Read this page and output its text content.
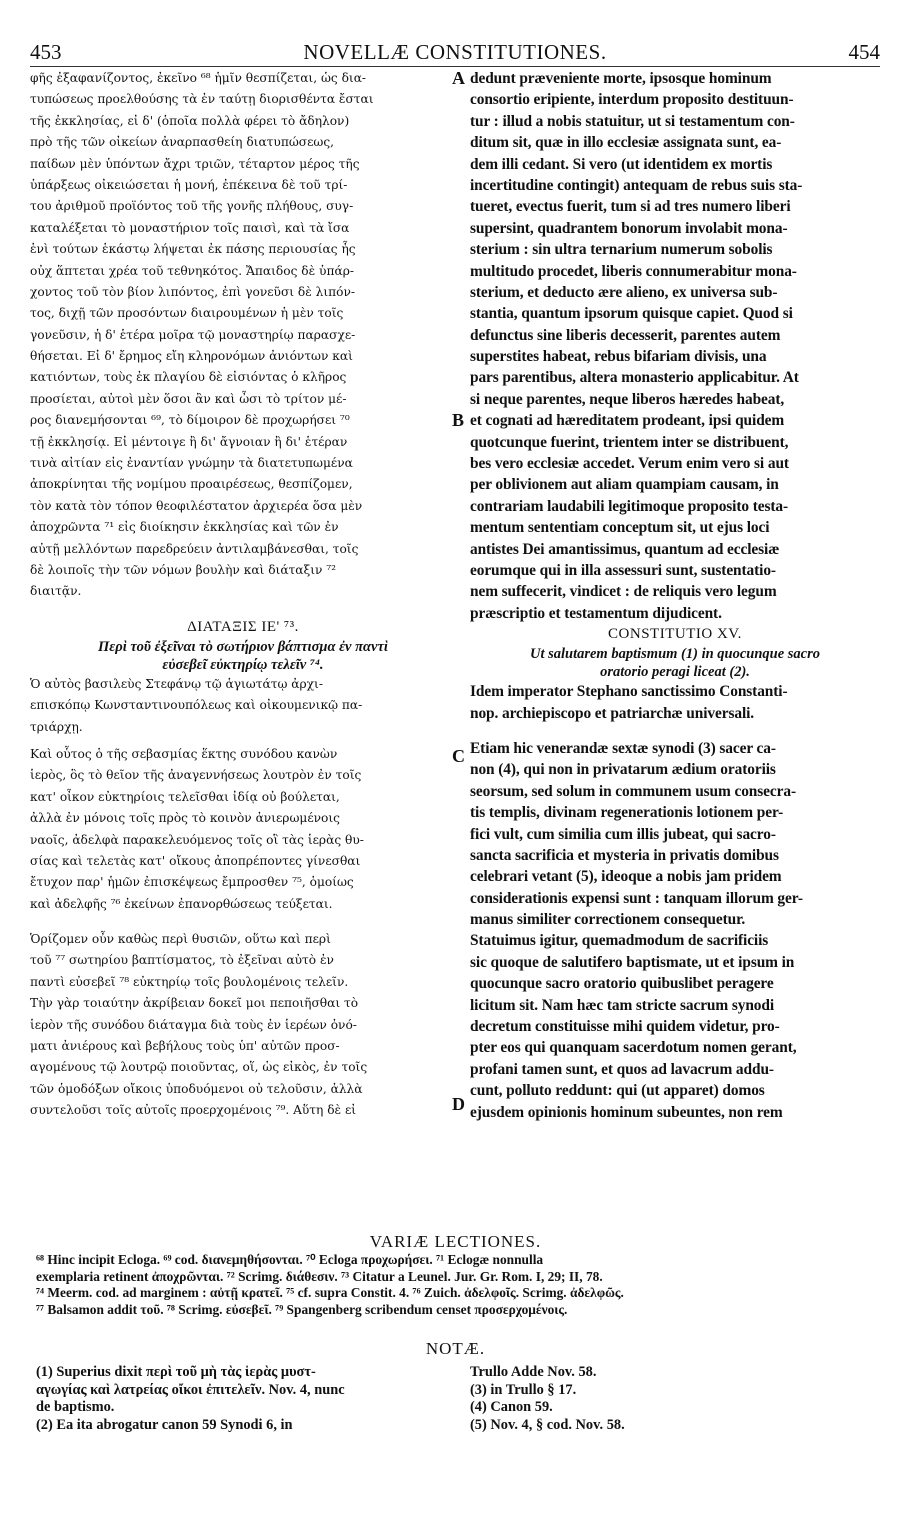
453	NOVELLÆ CONSTITUTIONES.	454
A
B
C
D

φῆς ἐξαφανίζοντος, ἐκεῖνο ⁶⁸ ἡμῖν θεσπίζεται, ὡς δια-
τυπώσεως προελθούσης τὰ ἐν ταύτῃ διορισθέντα ἔσται
τῆς ἐκκλησίας, εἰ δ' (ὁποῖα πολλὰ φέρει τὸ ἄδηλον)
πρὸ τῆς τῶν οἰκείων ἀναρπασθείη διατυπώσεως,
παίδων μὲν ὑπόντων ἄχρι τριῶν, τέταρτον μέρος τῆς
ὑπάρξεως οἰκειώσεται ἡ μονή, ἐπέκεινα δὲ τοῦ τρί-
του ἀριθμοῦ προϊόντος τοῦ τῆς γονῆς πλήθους, συγ-
καταλέξεται τὸ μοναστήριον τοῖς παισὶ, καὶ τὰ ἴσα
ἑνὶ τούτων ἑκάστῳ λήψεται ἐκ πάσης περιουσίας ἧς
οὐχ ἅπτεται χρέα τοῦ τεθνηκότος. Ἄπαιδος δὲ ὑπάρ-
χοντος τοῦ τὸν βίον λιπόντος, ἐπὶ γονεῦσι δὲ λιπόν-
τος, διχῇ τῶν προσόντων διαιρουμένων ἡ μὲν τοῖς
γονεῦσιν, ἡ δ' ἑτέρα μοῖρα τῷ μοναστηρίῳ παρασχε-
θήσεται. Εἰ δ' ἔρημος εἴη κληρονόμων ἀνιόντων καὶ
κατιόντων, τοὺς ἐκ πλαγίου δὲ εἰσιόντας ὁ κλῆρος
προσίεται, αὐτοὶ μὲν ὅσοι ἂν καὶ ὦσι τὸ τρίτον μέ-
ρος διανεμήσονται ⁶⁹, τὸ δίμοιρον δὲ προχωρήσει ⁷⁰
τῇ ἐκκλησίᾳ. Εἰ μέντοιγε ἢ δι' ἄγνοιαν ἢ δι' ἑτέραν
τινὰ αἰτίαν εἰς ἐναντίαν γνώμην τὰ διατετυπωμένα
ἀποκρίνηται τῆς νομίμου προαιρέσεως, θεσπίζομεν,
τὸν κατὰ τὸν τόπον θεοφιλέστατον ἀρχιερέα ὅσα μὲν
ἀποχρῶντα ⁷¹ εἰς διοίκησιν ἐκκλησίας καὶ τῶν ἐν
αὐτῇ μελλόντων παρεδρεύειν ἀντιλαμβάνεσθαι, τοῖς
δὲ λοιποῖς τὴν τῶν νόμων βουλὴν καὶ διάταξιν ⁷²
διαιτᾷν.

ΔΙΑΤΑΞΙΣ ΙΕ' ⁷³.
Περὶ τοῦ ἐξεῖναι τὸ σωτήριον βάπτισμα ἐν παντὶ
εὐσεβεῖ εὐκτηρίῳ τελεῖν ⁷⁴.

Ὁ αὐτὸς βασιλεὺς Στεφάνῳ τῷ ἁγιωτάτῳ ἀρχι-
επισκόπῳ Κωνσταντινουπόλεως καὶ οἰκουμενικῷ πα-
τριάρχῃ.

Καὶ οὗτος ὁ τῆς σεβασμίας ἕκτης συνόδου κανὼν
ἱερὸς, ὃς τὸ θεῖον τῆς ἀναγεννήσεως λουτρὸν ἐν τοῖς
κατ' οἶκον εὐκτηρίοις τελεῖσθαι ἰδίᾳ οὐ βούλεται,
ἀλλὰ ἐν μόνοις τοῖς πρὸς τὸ κοινὸν ἀνιερωμένοις
ναοῖς, ἀδελφὰ παρακελευόμενος τοῖς οἳ τὰς ἱερὰς θυ-
σίας καὶ τελετὰς κατ' οἴκους ἀποπρέποντες γίνεσθαι
ἔτυχον παρ' ἡμῶν ἐπισκέψεως ἔμπροσθεν ⁷⁵, ὁμοίως
καὶ ἀδελφῆς ⁷⁶ ἐκείνων ἐπανορθώσεως τεύξεται.

Ὁρίζομεν οὖν καθὼς περὶ θυσιῶν, οὕτω καὶ περὶ
τοῦ ⁷⁷ σωτηρίου βαπτίσματος, τὸ ἐξεῖναι αὐτὸ ἐν
παντὶ εὐσεβεῖ ⁷⁸ εὐκτηρίῳ τοῖς βουλομένοις τελεῖν.
Τὴν γὰρ τοιαύτην ἀκρίβειαν δοκεῖ μοι πεποιῆσθαι τὸ
ἱερὸν τῆς συνόδου διάταγμα διὰ τοὺς ἐν ἱερέων ὀνό-
ματι ἀνιέρους καὶ βεβήλους τοὺς ὑπ' αὐτῶν προσ-
αγομένους τῷ λουτρῷ ποιοῦντας, οἵ, ὡς εἰκὸς, ἐν τοῖς
τῶν ὁμοδόξων οἴκοις ὑποδυόμενοι οὐ τελοῦσιν, ἀλλὰ
συντελοῦσι τοῖς αὐτοῖς προερχομένοις ⁷⁹. Αὕτη δὲ εἰ

dedunt præveniente morte, ipsosque hominum
consortio eripiente, interdum proposito destituun-
tur : illud a nobis statuitur, ut si testamentum con-
ditum sit, quæ in illo ecclesiæ assignata sunt, ea-
dem illi cedant. Si vero (ut identidem ex mortis
incertitudine contingit) antequam de rebus suis sta-
tueret, evectus fuerit, tum si ad tres numero liberi
supersint, quadrantem bonorum involabit mona-
sterium : sin ultra ternarium numerum sobolis
multitudo procedet, liberis connumerabitur mona-
sterium, et deducto ære alieno, ex universa sub-
stantia, quantum ipsorum quisque capiet. Quod si
defunctus sine liberis decesserit, parentes autem
superstites habeat, rebus bifariam divisis, una
pars parentibus, altera monasterio applicabitur. At
si neque parentes, neque liberos hæredes habeat,
et cognati ad hæreditatem prodeant, ipsi quidem
quotcunque fuerint, trientem inter se distribuent,
bes vero ecclesiæ accedet. Verum enim vero si aut
per oblivionem aut aliam quampiam causam, in
contrariam laudabili legitimoque proposito testa-
mentum sententiam conceptum sit, ut ejus loci
antistes Dei amantissimus, quantum ad ecclesiæ
eorumque qui in illa assessuri sunt, sustentatio-
nem suffecerit, vindicet : de reliquis vero legum
præscriptio et testamentum dijudicent.

CONSTITUTIO XV.
Ut salutarem baptismum (1) in quocunque sacro
oratorio peragi liceat (2).

Idem imperator Stephano sanctissimo Constanti-
nop. archiepiscopo et patriarchæ universali.

Etiam hic venerandæ sextæ synodi (3) sacer ca-
non (4), qui non in privatarum ædium oratoriis
seorsum, sed solum in communem usum consecra-
tis templis, divinam regenerationis lotionem per-
fici vult, cum similia cum illis jubeat, qui sacro-
sancta sacrificia et mysteria in privatis domibus
celebrari vetant (5), ideoque a nobis jam pridem
considerationis expensi sunt : tanquam illorum ger-
manus similiter correctionem consequetur.

Statuimus igitur, quemadmodum de sacrificiis
sic quoque de salutifero baptismate, ut et ipsum in
quocunque sacro oratorio quibuslibet peragere
licitum sit. Nam hæc tam stricte sacrum synodi
decretum constituisse mihi quidem videtur, pro-
pter eos qui quanquam sacerdotum nomen gerant,
profani tamen sunt, et quos ad lavacrum addu-
cunt, polluto reddunt: qui (ut apparet) domos
ejusdem opinionis hominum subeuntes, non rem

VARIÆ LECTIONES.
⁶⁸ Hinc incipit Ecloga. ⁶⁹ cod. διανεμηθήσονται. ⁷⁰ Ecloga προχωρήσει. ⁷¹ Eclogæ nonnulla
exemplaria retinent ἀποχρῶνται. ⁷² Scrimg. διάθεσιν. ⁷³ Citatur a Leunel. Jur. Gr. Rom. I, 29; II, 78.
⁷⁴ Meerm. cod. ad marginem : αὐτῇ κρατεῖ. ⁷⁵ cf. supra Constit. 4. ⁷⁶ Zuich. ἀδελφοῖς. Scrimg. ἀδελφῶς.
⁷⁷ Balsamon addit τοῦ. ⁷⁸ Scrimg. εὐσεβεῖ. ⁷⁹ Spangenberg scribendum censet προσερχομένοις.
NOTÆ.
(1) Superius dixit περὶ τοῦ μὴ τὰς ἱερὰς μυστ-
αγωγίας καὶ λατρείας οἴκοι ἐπιτελεῖν. Nov. 4, nunc
de baptismo.
(2) Ea ita abrogatur canon 59 Synodi 6, in
Trullo Adde Nov. 58.
(3) in Trullo § 17.
(4) Canon 59.
(5) Nov. 4, § cod. Nov. 58.
